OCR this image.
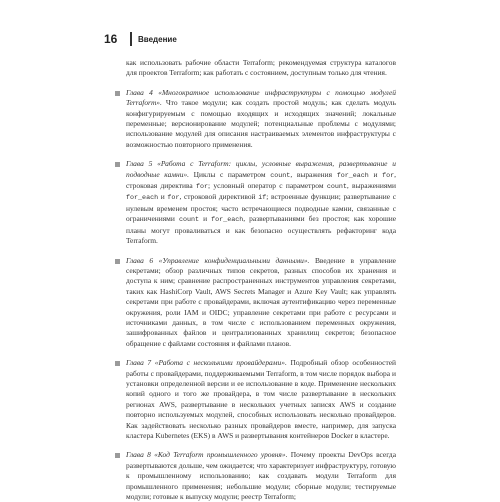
16	Введение

как использовать рабочие области Terraform; рекомендуемая структура каталогов для проектов Terraform; как работать с состоянием, доступным только для чтения.

Глава 4 «Многократное использование инфраструктуры с помощью модулей Terraform». Что такое модули; как создать простой модуль; как сделать модуль конфигурируемым с помощью входящих и исходящих значений; локальные переменные; версионирование модулей; потенциальные проблемы с модулями; использование модулей для описания настраиваемых элементов инфраструктуры с возможностью повторного применения.

Глава 5 «Работа с Terraform: циклы, условные выражения, развертывание и подводные камни». Циклы с параметром count, выражения for_each и for, строковая директива for; условный оператор с параметром count, выражениями for_each и for, строковой директивой if; встроенные функции; развертывание с нулевым временем простоя; часто встречающиеся подводные камни, связанные с ограничениями count и for_each, развертываниями без простоя; как хорошие планы могут проваливаться и как безопасно осуществлять рефакторинг кода Terraform.

Глава 6 «Управление конфиденциальными данными». Введение в управление секретами; обзор различных типов секретов, разных способов их хранения и доступа к ним; сравнение распространенных инструментов управления секретами, таких как HashiCorp Vault, AWS Secrets Manager и Azure Key Vault; как управлять секретами при работе с провайдерами, включая аутентификацию через переменные окружения, роли IAM и OIDC; управление секретами при работе с ресурсами и источниками данных, в том числе с использованием переменных окружения, зашифрованных файлов и централизованных хранилищ секретов; безопасное обращение с файлами состояния и файлами планов.

Глава 7 «Работа с несколькими провайдерами». Подробный обзор особенностей работы с провайдерами, поддерживаемыми Terraform, в том числе порядок выбора и установки определенной версии и ее использование в коде. Применение нескольких копий одного и того же провайдера, в том числе развертывание в нескольких регионах AWS, развертывание в нескольких учетных записях AWS и создание повторно используемых модулей, способных использовать несколько провайдеров. Как задействовать несколько разных провайдеров вместе, например, для запуска кластера Kubernetes (EKS) в AWS и развертывания контейнеров Docker в кластере.

Глава 8 «Код Terraform промышленного уровня». Почему проекты DevOps всегда развертываются дольше, чем ожидается; что характеризует инфраструктуру, готовую к промышленному использованию; как создавать модули Terraform для промышленного применения; небольшие модули; сборные модули; тестируемые модули; готовые к выпуску модули; реестр Terraform;
